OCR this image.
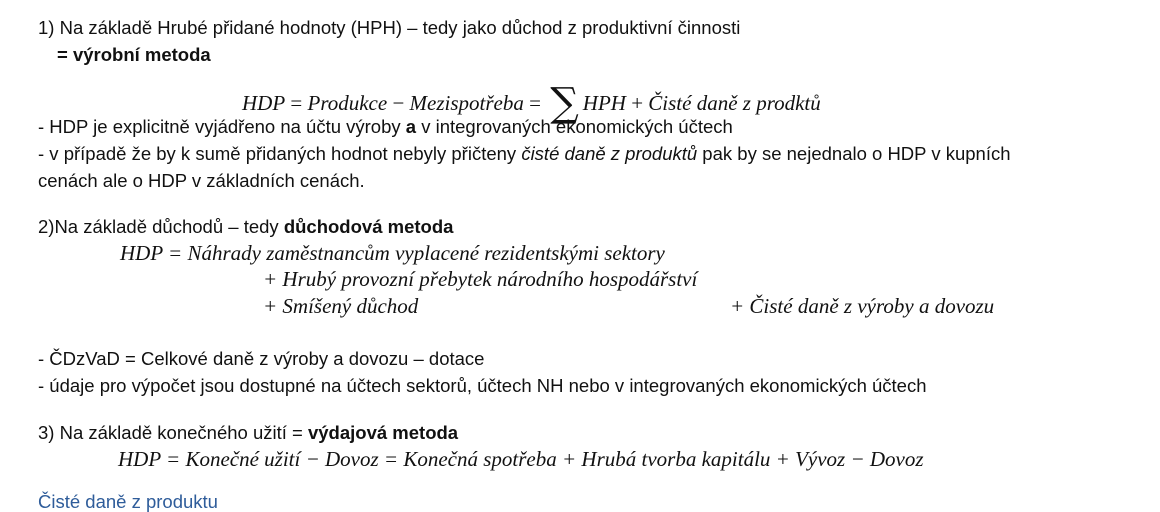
1) Na základě Hrubé přidané hodnoty (HPH) – tedy jako důchod z produktivní činnosti
= výrobní metoda
HDP = Produkce − Mezispotřeba = ∑ HPH + Čisté daně z prodktů
- HDP je explicitně vyjádřeno na účtu výroby a v integrovaných ekonomických účtech
- v případě že by k sumě přidaných hodnot nebyly přičteny čisté daně z produktů pak by se nejednalo o HDP v kupních
cenách ale o HDP v základních cenách.
2)Na základě důchodů – tedy důchodová metoda
HDP = Náhrady zaměstnancům vyplacené rezidentskými sektory
+ Hrubý provozní přebytek národního hospodářství
+ Smíšený důchod	+ Čisté daně z výroby a dovozu
- ČDzVaD = Celkové daně z výroby a dovozu – dotace
- údaje pro výpočet jsou dostupné na účtech sektorů, účtech NH nebo v integrovaných ekonomických účtech
3) Na základě konečného užití = výdajová metoda
HDP = Konečné užití − Dovoz = Konečná spotřeba + Hrubá tvorba kapitálu + Vývoz − Dovoz
Čisté daně z produktu
